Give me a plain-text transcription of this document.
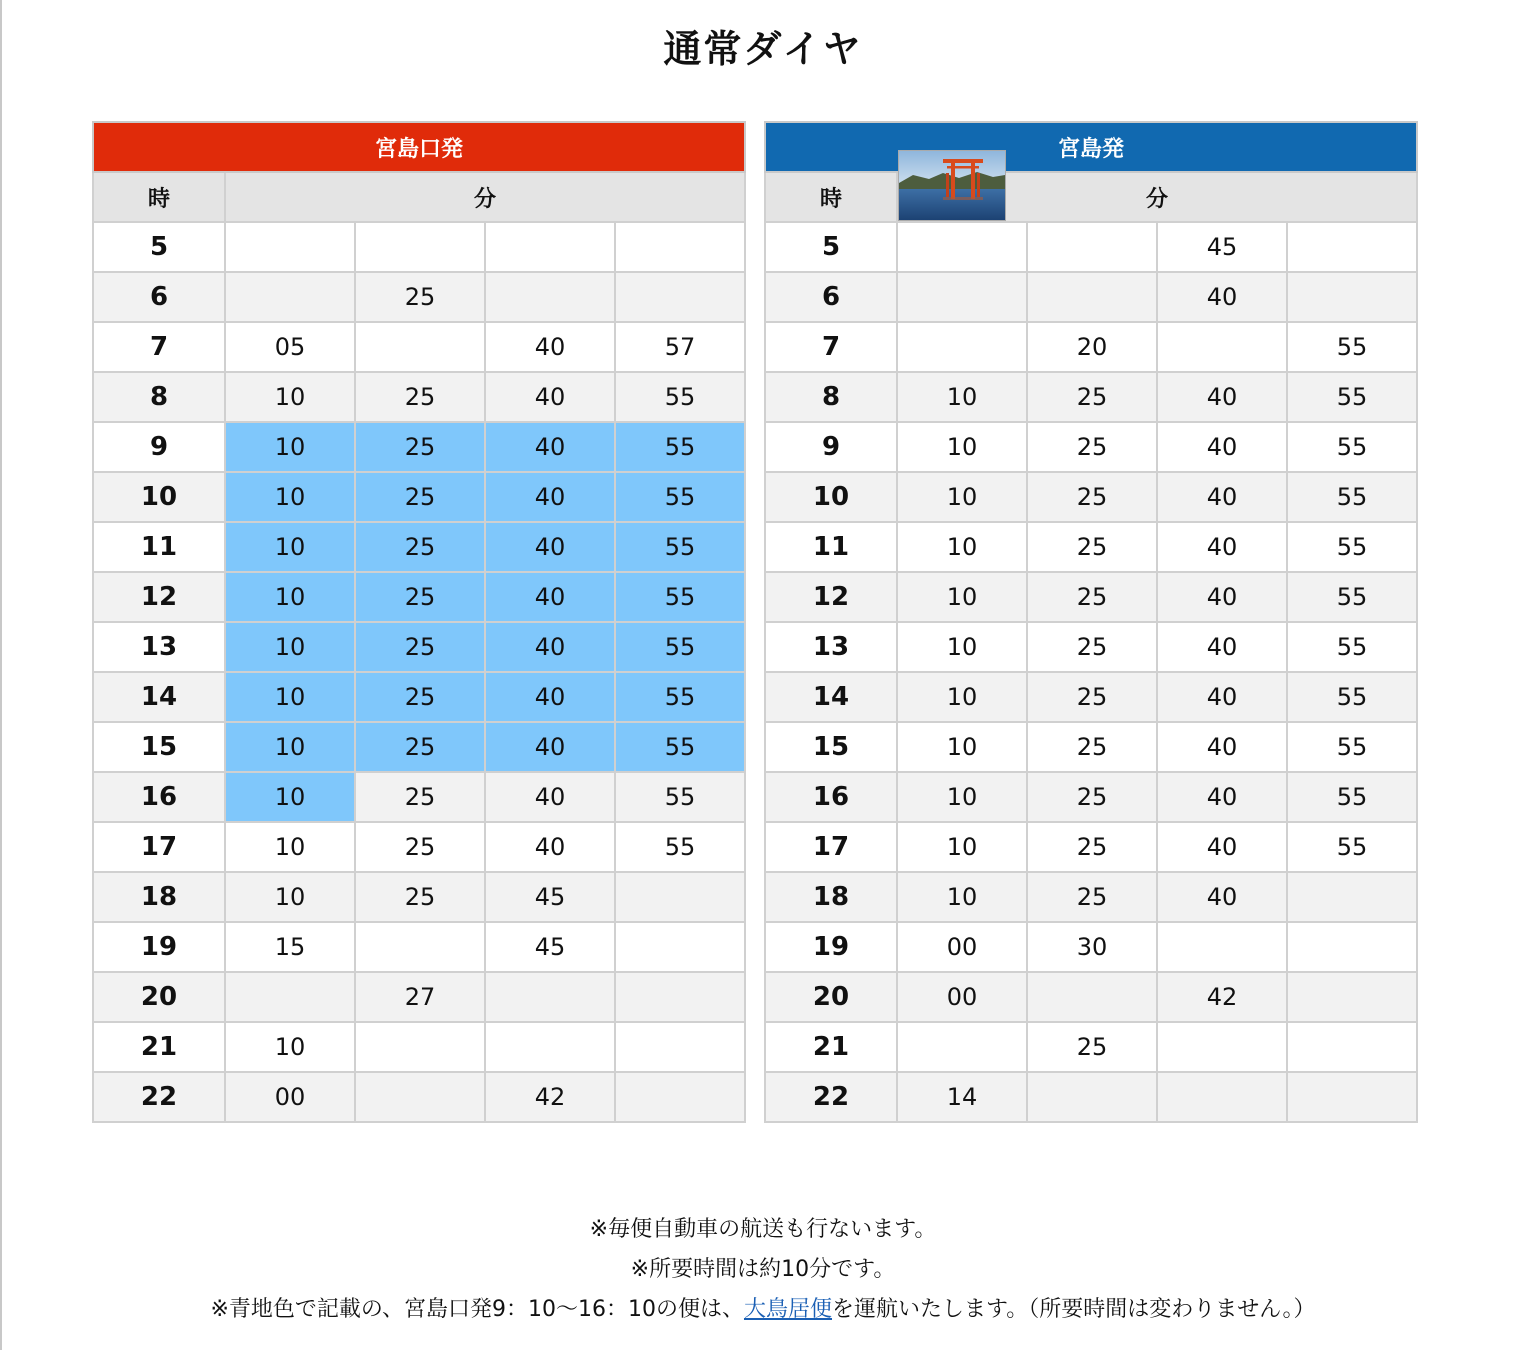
通常ダイヤ
宮島口発				
時	分			
5				
6		25		
7	05		40	57
8	10	25	40	55
9	10	25	40	55
10	10	25	40	55
11	10	25	40	55
12	10	25	40	55
13	10	25	40	55
14	10	25	40	55
15	10	25	40	55
16	10	25	40	55
17	10	25	40	55
18	10	25	45	
19	15		45	
20		27		
21	10			
22	00		42	
宮島発				
時	分			
5			45	
6			40	
7		20		55
8	10	25	40	55
9	10	25	40	55
10	10	25	40	55
11	10	25	40	55
12	10	25	40	55
13	10	25	40	55
14	10	25	40	55
15	10	25	40	55
16	10	25	40	55
17	10	25	40	55
18	10	25	40	
19	00	30		
20	00		42	
21		25		
22	14			
※毎便自動車の航送も行ないます。
※所要時間は約10分です。
※青地色で記載の、宮島口発9：10〜16：10の便は、大鳥居便を運航いたします。（所要時間は変わりません。）
